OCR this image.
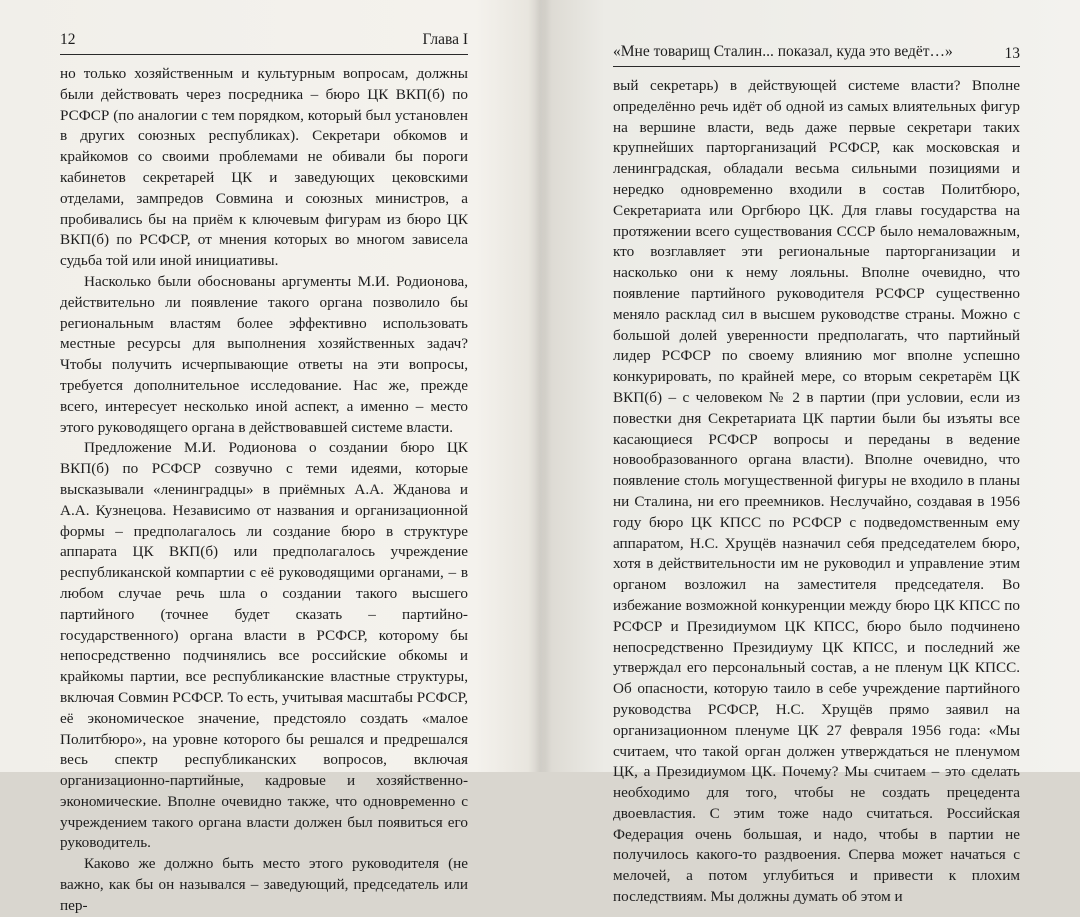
12	Глава I

но только хозяйственным и культурным вопросам, должны были действовать через посредника – бюро ЦК ВКП(б) по РСФСР (по аналогии с тем порядком, который был установлен в других союзных республиках). Секретари обкомов и крайкомов со своими проблемами не обивали бы пороги кабинетов секретарей ЦК и заведующих цековскими отделами, зампредов Совмина и союзных министров, а пробивались бы на приём к ключевым фигурам из бюро ЦК ВКП(б) по РСФСР, от мнения которых во многом зависела судьба той или иной инициативы.

Насколько были обоснованы аргументы М.И. Родионова, действительно ли появление такого органа позволило бы региональным властям более эффективно использовать местные ресурсы для выполнения хозяйственных задач? Чтобы получить исчерпывающие ответы на эти вопросы, требуется дополнительное исследование. Нас же, прежде всего, интересует несколько иной аспект, а именно – место этого руководящего органа в действовавшей системе власти.

Предложение М.И. Родионова о создании бюро ЦК ВКП(б) по РСФСР созвучно с теми идеями, которые высказывали «ленинградцы» в приёмных А.А. Жданова и А.А. Кузнецова. Независимо от названия и организационной формы – предполагалось ли создание бюро в структуре аппарата ЦК ВКП(б) или предполагалось учреждение республиканской компартии с её руководящими органами, – в любом случае речь шла о создании такого высшего партийного (точнее будет сказать – партийно-государственного) органа власти в РСФСР, которому бы непосредственно подчинялись все российские обкомы и крайкомы партии, все республиканские властные структуры, включая Совмин РСФСР. То есть, учитывая масштабы РСФСР, её экономическое значение, предстояло создать «малое Политбюро», на уровне которого бы решался и предрешался весь спектр республиканских вопросов, включая организационно-партийные, кадровые и хозяйственно-экономические. Вполне очевидно также, что одновременно с учреждением такого органа власти должен был появиться его руководитель.

Каково же должно быть место этого руководителя (не важно, как бы он назывался – заведующий, председатель или пер-

«Мне товарищ Сталин... показал, куда это ведёт…»	13

вый секретарь) в действующей системе власти? Вполне определённо речь идёт об одной из самых влиятельных фигур на вершине власти, ведь даже первые секретари таких крупнейших парторганизаций РСФСР, как московская и ленинградская, обладали весьма сильными позициями и нередко одновременно входили в состав Политбюро, Секретариата или Оргбюро ЦК. Для главы государства на протяжении всего существования СССР было немаловажным, кто возглавляет эти региональные парторганизации и насколько они к нему лояльны. Вполне очевидно, что появление партийного руководителя РСФСР существенно меняло расклад сил в высшем руководстве страны. Можно с большой долей уверенности предполагать, что партийный лидер РСФСР по своему влиянию мог вполне успешно конкурировать, по крайней мере, со вторым секретарём ЦК ВКП(б) – с человеком № 2 в партии (при условии, если из повестки дня Секретариата ЦК партии были бы изъяты все касающиеся РСФСР вопросы и переданы в ведение новообразованного органа власти). Вполне очевидно, что появление столь могущественной фигуры не входило в планы ни Сталина, ни его преемников. Неслучайно, создавая в 1956 году бюро ЦК КПСС по РСФСР с подведомственным ему аппаратом, Н.С. Хрущёв назначил себя председателем бюро, хотя в действительности им не руководил и управление этим органом возложил на заместителя председателя. Во избежание возможной конкуренции между бюро ЦК КПСС по РСФСР и Президиумом ЦК КПСС, бюро было подчинено непосредственно Президиуму ЦК КПСС, и последний же утверждал его персональный состав, а не пленум ЦК КПСС. Об опасности, которую таило в себе учреждение партийного руководства РСФСР, Н.С. Хрущёв прямо заявил на организационном пленуме ЦК 27 февраля 1956 года: «Мы считаем, что такой орган должен утверждаться не пленумом ЦК, а Президиумом ЦК. Почему? Мы считаем – это сделать необходимо для того, чтобы не создать прецедента двоевластия. С этим тоже надо считаться. Российская Федерация очень большая, и надо, чтобы в партии не получилось какого-то раздвоения. Сперва может начаться с мелочей, а потом углубиться и привести к плохим последствиям. Мы должны думать об этом и
